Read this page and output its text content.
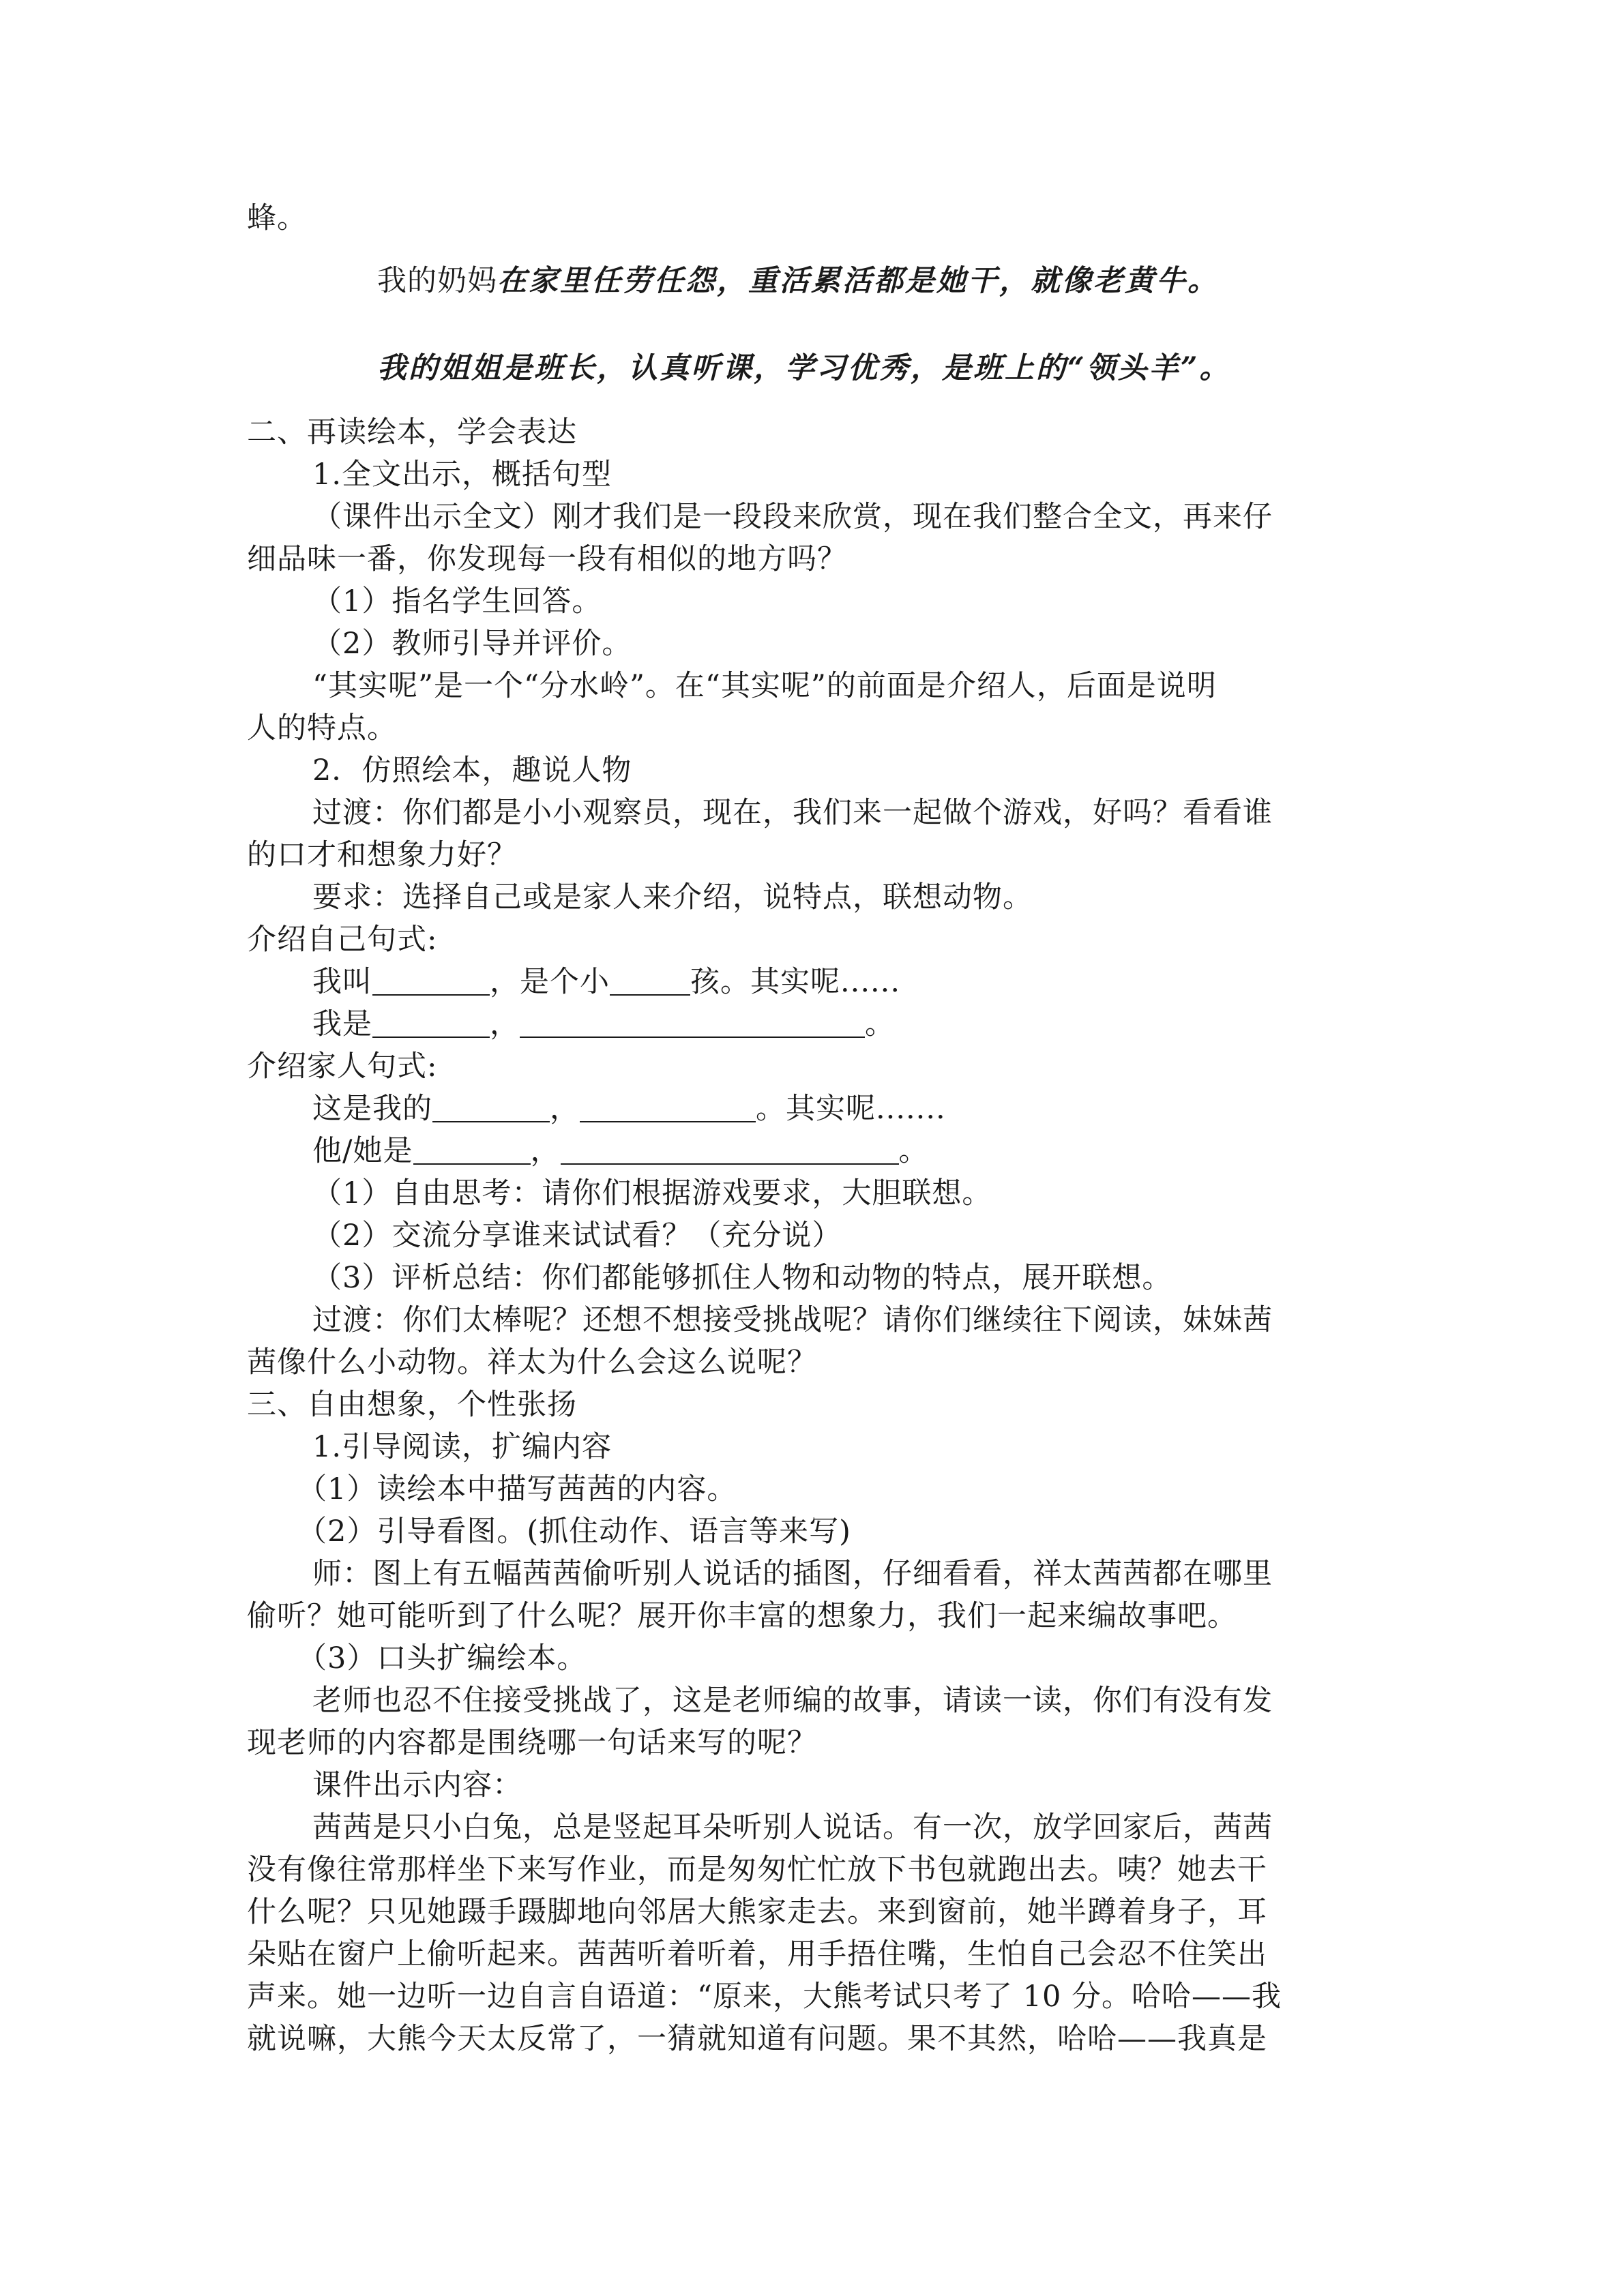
蜂。
我的奶妈在家里任劳任怨，重活累活都是她干，就像老黄牛。
我的姐姐是班长，认真听课，学习优秀，是班上的“领头羊”。
二、再读绘本，学会表达
1.全文出示，概括句型
（课件出示全文）刚才我们是一段段来欣赏，现在我们整合全文，再来仔
细品味一番，你发现每一段有相似的地方吗？
（1）指名学生回答。
（2）教师引导并评价。
“其实呢”是一个“分水岭”。在“其实呢”的前面是介绍人，后面是说明
人的特点。
2．仿照绘本，趣说人物
过渡：你们都是小小观察员，现在，我们来一起做个游戏，好吗？看看谁
的口才和想象力好？
要求：选择自己或是家人来介绍，说特点，联想动物。
介绍自己句式:
我叫	，是个小	孩。其实呢......
我是	，	。
介绍家人句式:
这是我的	，	。其实呢.......
他/她是	，	。
（1）自由思考：请你们根据游戏要求，大胆联想。
（2）交流分享谁来试试看？（充分说）
（3）评析总结：你们都能够抓住人物和动物的特点，展开联想。
过渡：你们太棒呢？还想不想接受挑战呢？请你们继续往下阅读，妹妹茜
茜像什么小动物。祥太为什么会这么说呢？
三、自由想象，个性张扬
1.引导阅读，扩编内容
（1）读绘本中描写茜茜的内容。
（2）引导看图。(抓住动作、语言等来写)
师：图上有五幅茜茜偷听别人说话的插图，仔细看看，祥太茜茜都在哪里
偷听？她可能听到了什么呢？展开你丰富的想象力，我们一起来编故事吧。
（3）口头扩编绘本。
老师也忍不住接受挑战了，这是老师编的故事，请读一读，你们有没有发
现老师的内容都是围绕哪一句话来写的呢？
课件出示内容：
茜茜是只小白兔，总是竖起耳朵听别人说话。有一次，放学回家后，茜茜
没有像往常那样坐下来写作业，而是匆匆忙忙放下书包就跑出去。咦？她去干
什么呢？只见她蹑手蹑脚地向邻居大熊家走去。来到窗前，她半蹲着身子，耳
朵贴在窗户上偷听起来。茜茜听着听着，用手捂住嘴，生怕自己会忍不住笑出
声来。她一边听一边自言自语道：“原来，大熊考试只考了 10 分。哈哈——我
就说嘛，大熊今天太反常了，一猜就知道有问题。果不其然，哈哈——我真是
